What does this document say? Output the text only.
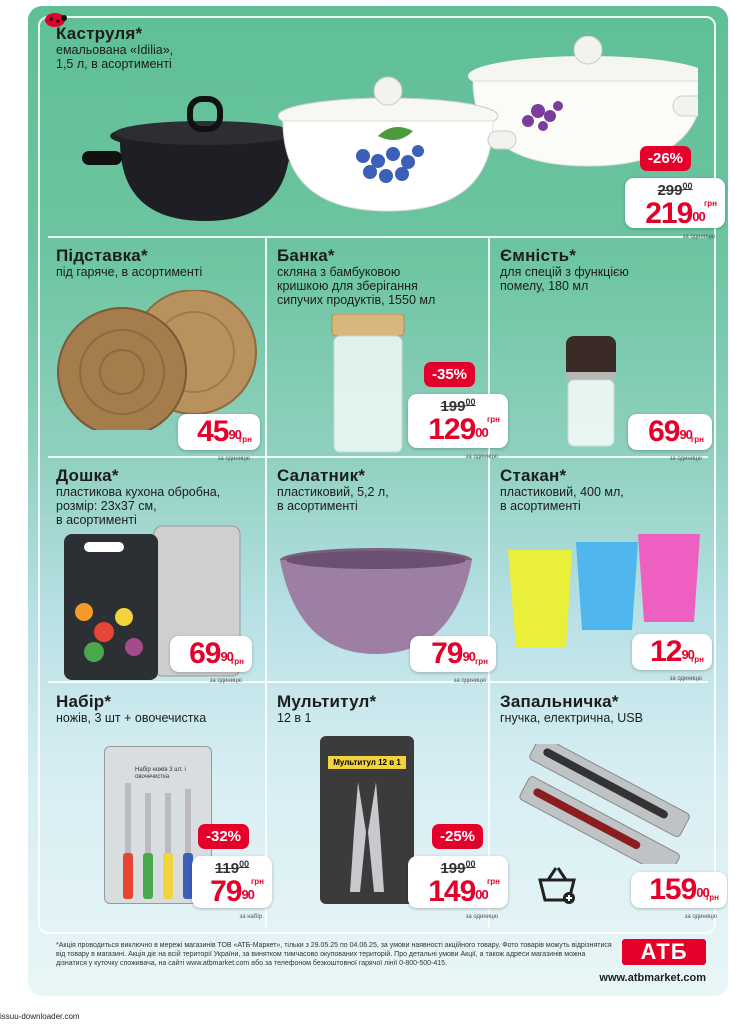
Каструля*
емальована «Idilia»,
1,5 л, в асортименті
-26%
$299^{00}$
$219^{00}$
грн
за одиницю
Підставка*
під гаряче, в асортименті
$45^{90}$
грн
за одиницю
Банка*
скляна з бамбуковою
кришкою для зберігання
сипучих продуктів, 1550 мл
-35%
$199^{00}$
$129^{00}$
грн
за одиницю
Ємність*
для спецій з функцією
помелу, 180 мл
$69^{90}$ грн
за одиницю
Дошка*
пластикова кухона обробна,
розмір: 23х37 см,
в асортименті
$69^{90}$
грн
за одиницю
Салатник*
пластиковий, 5,2 л,
в асортименті
$79^{90}$ грн
за одиницю
Стакан*
пластиковий, 400 мл,
в асортименті
$12^{90}$
грн
за одиницю
Набір*
ножів, 3 шт + овочечистка
Набір ножів 3 шт. і овочечистка
-32%
$119^{00}$
$79^{90}$
грн
за набір
Мультитул*
12 в 1
Мультитул 12 в 1
-25%
$199^{00}$
$149^{00}$
грн
за одиницю
Запальничка*
гнучка, електрична, USB
$159^{00}$
грн
за одиницю
*Акція проводиться виключно в мережі магазинів ТОВ «АТБ-Маркет», тільки з 29.05.25 по 04.06.25, за умови наявності акційного товару. Фото товарів можуть відрізнятися від товару в магазині. Акція діє на всій території України, за винятком тимчасово окупованих територій. Про детальні умови Акції, а також адреси магазинів можна дізнатися у куточку споживача, на сайті www.atbmarket.com або за телефоном безкоштовної гарячої лінії 0-800-500-415.	АТБ
www.atbmarket.com
issuu-downloader.com
